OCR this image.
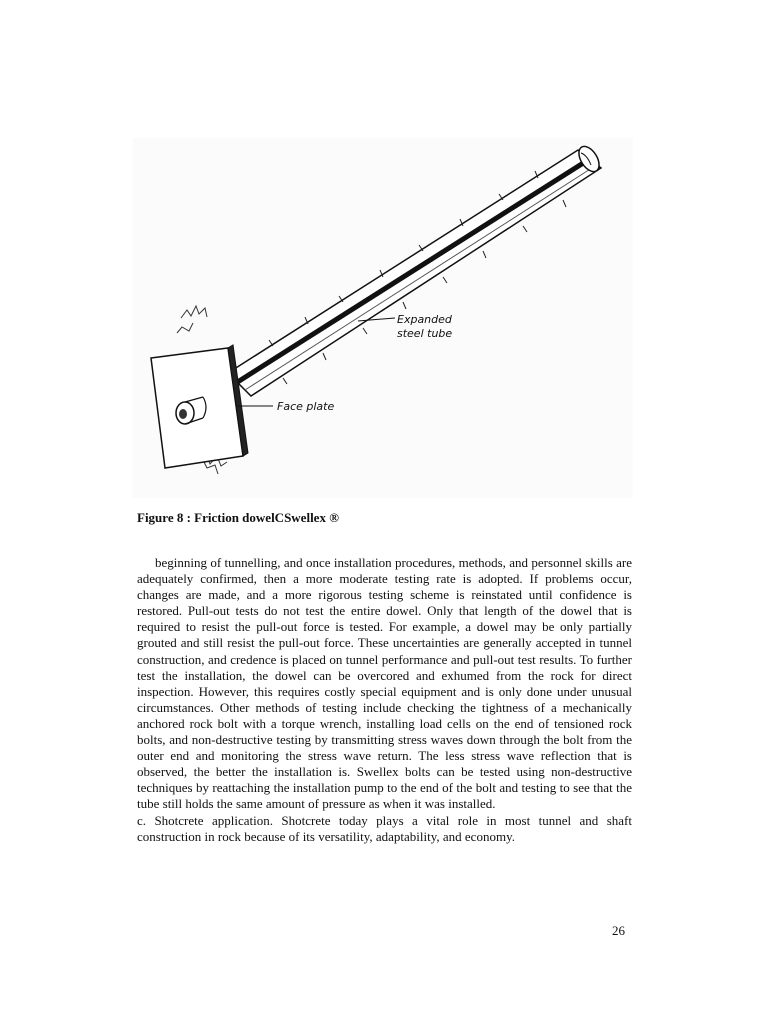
Expanded
steel tube
Face plate
Figure 8 : Friction dowelCSwellex ®

beginning of tunnelling, and once installation procedures, methods, and personnel skills are adequately confirmed, then a more moderate testing rate is adopted. If problems occur, changes are made, and a more rigorous testing scheme is reinstated until confidence is restored. Pull-out tests do not test the entire dowel. Only that length of the dowel that is required to resist the pull-out force is tested. For example, a dowel may be only partially grouted and still resist the pull-out force. These uncertainties are generally accepted in tunnel construction, and credence is placed on tunnel performance and pull-out test results. To further test the installation, the dowel can be overcored and exhumed from the rock for direct inspection. However, this requires costly special equipment and is only done under unusual circumstances. Other methods of testing include checking the tightness of a mechanically anchored rock bolt with a torque wrench, installing load cells on the end of tensioned rock bolts, and non-destructive testing by transmitting stress waves down through the bolt from the outer end and monitoring the stress wave return. The less stress wave reflection that is observed, the better the installation is. Swellex bolts can be tested using non-destructive techniques by reattaching the installation pump to the end of the bolt and testing to see that the tube still holds the same amount of pressure as when it was installed.

c. Shotcrete application. Shotcrete today plays a vital role in most tunnel and shaft construction in rock because of its versatility, adaptability, and economy.

26
